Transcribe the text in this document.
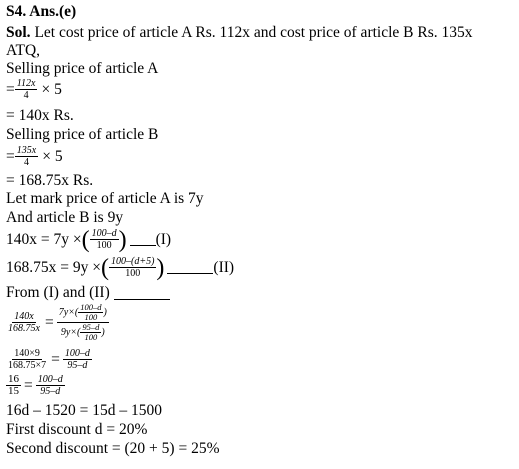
S4. Ans.(e)
Sol. Let cost price of article A Rs. 112x and cost price of article B Rs. 135x
ATQ,
Selling price of article A
= $\frac{112x}{4} \times 5$
= 140x Rs.
Selling price of article B
= $\frac{135x}{4} \times 5$
= 168.75x Rs.
Let mark price of article A is 7y
And article B is 9y
140x = 7y × ( $\frac{100-d}{100}$ ) (I)
168.75x = 9y × ( $\frac{100-(d+5)}{100}$ )	(II)
From (I) and (II)
$\frac{140x}{168.75x} = \frac{7y\times ( \frac{100-d}{100} )}{9y\times ( \frac{95-d}{100} )}$
$\frac{140\times 9}{168.75\times 7} = \frac{100-d}{95-d}$
$\frac{16}{15} = \frac{100-d}{95-d}$
16d – 1520 = 15d – 1500
First discount d = 20%
Second discount = (20 + 5) = 25%
